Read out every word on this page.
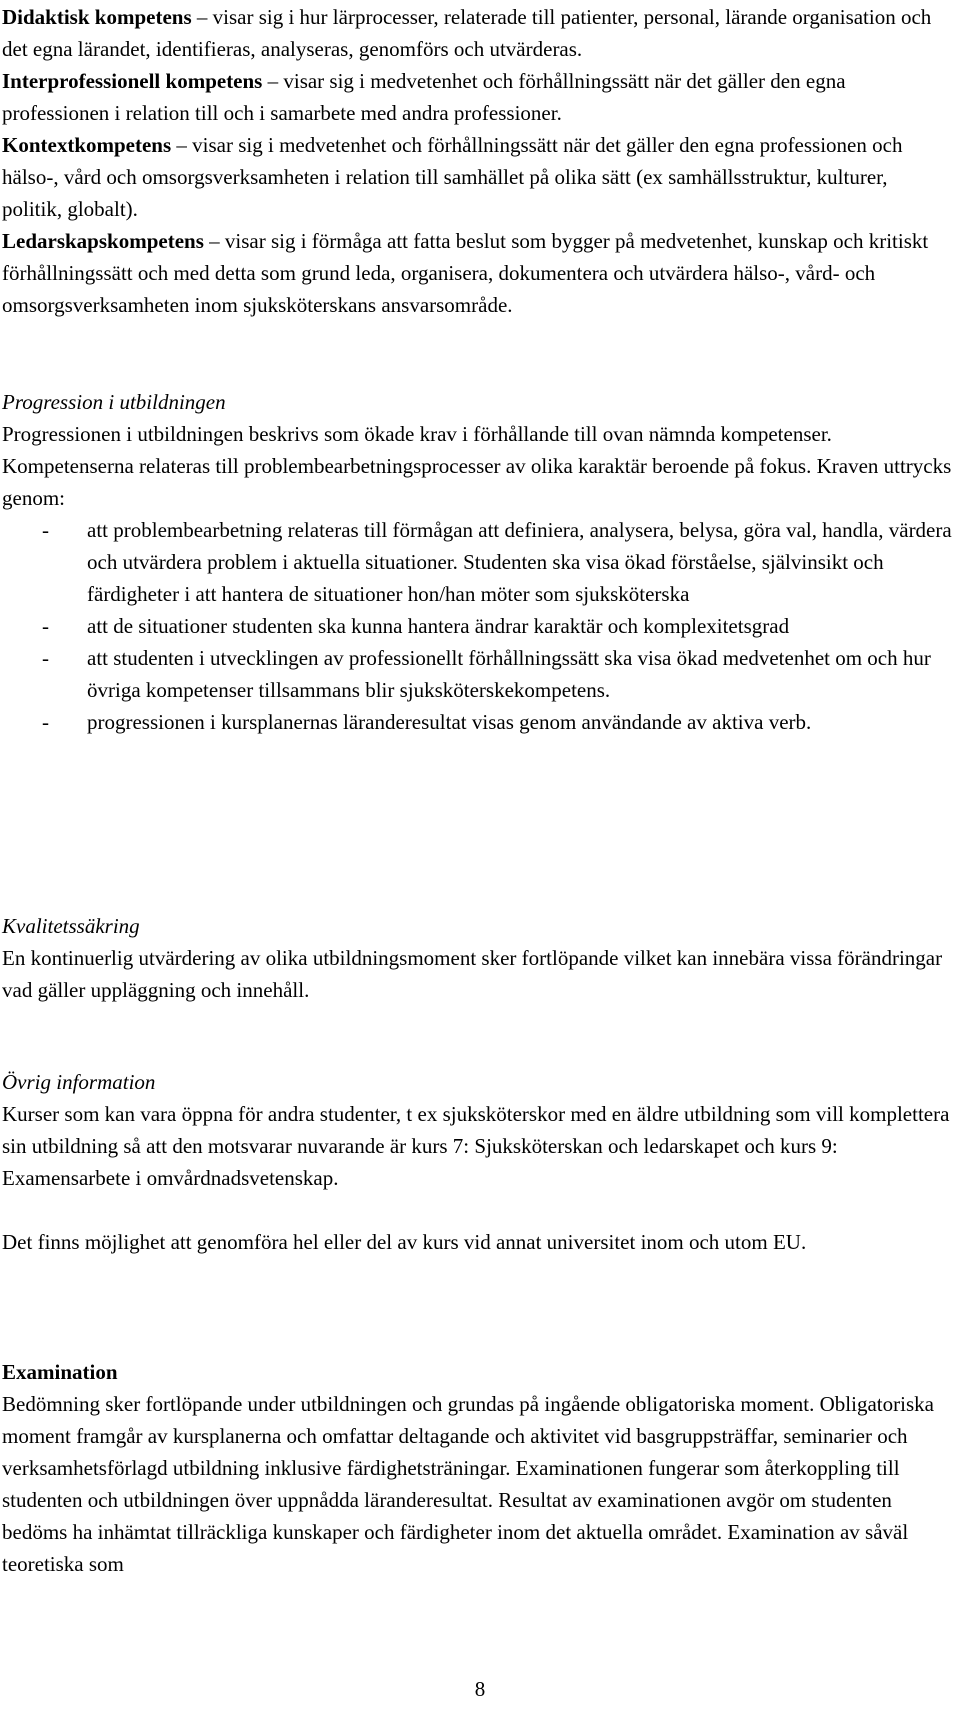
Didaktisk kompetens – visar sig i hur lärprocesser, relaterade till patienter, personal, lärande organisation och det egna lärandet, identifieras, analyseras, genomförs och utvärderas.

Interprofessionell kompetens – visar sig i medvetenhet och förhållningssätt när det gäller den egna professionen i relation till och i samarbete med andra professioner.

Kontextkompetens – visar sig i medvetenhet och förhållningssätt när det gäller den egna professionen och hälso-, vård och omsorgsverksamheten i relation till samhället på olika sätt (ex samhällsstruktur, kulturer, politik, globalt).

Ledarskapskompetens – visar sig i förmåga att fatta beslut som bygger på medvetenhet, kunskap och kritiskt förhållningssätt och med detta som grund leda, organisera, dokumentera och utvärdera hälso-, vård- och omsorgsverksamheten inom sjuksköterskans ansvarsområde.

Progression i utbildningen

Progressionen i utbildningen beskrivs som ökade krav i förhållande till ovan nämnda kompetenser. Kompetenserna relateras till problembearbetningsprocesser av olika karaktär beroende på fokus. Kraven uttrycks genom:

- att problembearbetning relateras till förmågan att definiera, analysera, belysa, göra val, handla, värdera och utvärdera problem i aktuella situationer. Studenten ska visa ökad förståelse, självinsikt och färdigheter i att hantera de situationer hon/han möter som sjuksköterska
- att de situationer studenten ska kunna hantera ändrar karaktär och komplexitetsgrad
- att studenten i utvecklingen av professionellt förhållningssätt ska visa ökad medvetenhet om och hur övriga kompetenser tillsammans blir sjuksköterskekompetens.
- progressionen i kursplanernas läranderesultat visas genom användande av aktiva verb.
Kvalitetssäkring

En kontinuerlig utvärdering av olika utbildningsmoment sker fortlöpande vilket kan innebära vissa förändringar vad gäller uppläggning och innehåll.

Övrig information

Kurser som kan vara öppna för andra studenter, t ex sjuksköterskor med en äldre utbildning som vill komplettera sin utbildning så att den motsvarar nuvarande är kurs 7: Sjuksköterskan och ledarskapet och kurs 9: Examensarbete i omvårdnadsvetenskap.

Det finns möjlighet att genomföra hel eller del av kurs vid annat universitet inom och utom EU.

Examination

Bedömning sker fortlöpande under utbildningen och grundas på ingående obligatoriska moment. Obligatoriska moment framgår av kursplanerna och omfattar deltagande och aktivitet vid basgruppsträffar, seminarier och verksamhetsförlagd utbildning inklusive färdighetsträningar. Examinationen fungerar som återkoppling till studenten och utbildningen över uppnådda läranderesultat. Resultat av examinationen avgör om studenten bedöms ha inhämtat tillräckliga kunskaper och färdigheter inom det aktuella området. Examination av såväl teoretiska som

8
